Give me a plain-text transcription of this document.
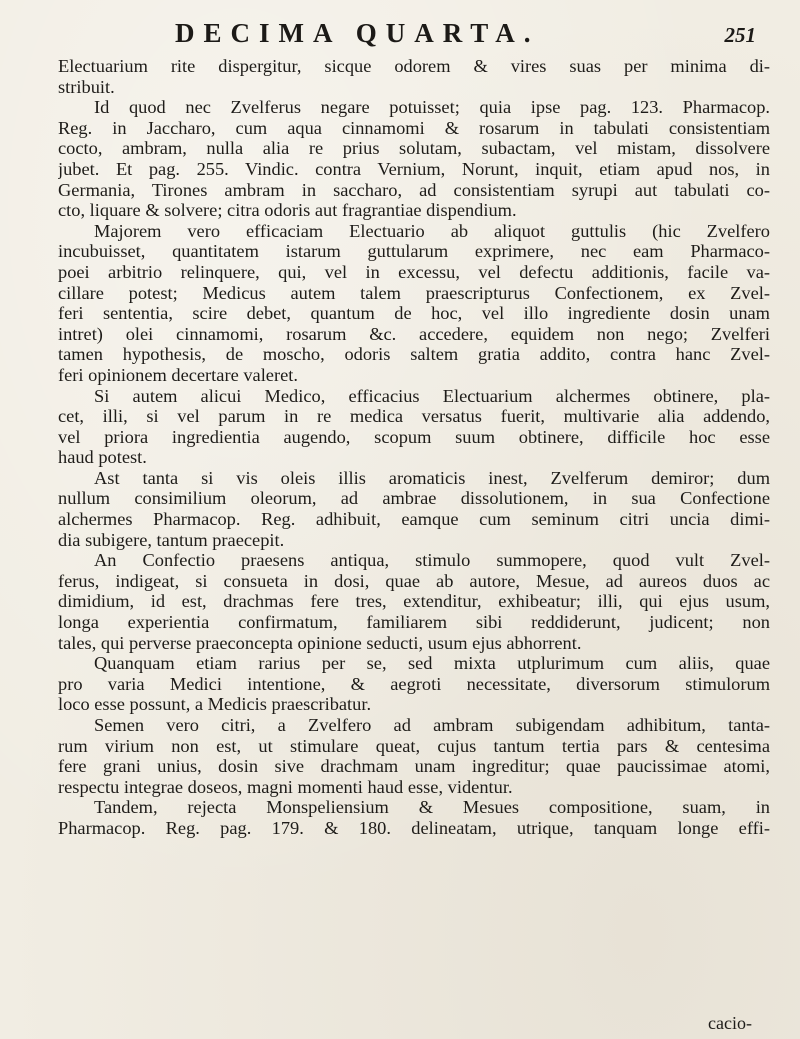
DECIMA QUARTA.	251
Electuarium rite dispergitur, sicque odorem & vires suas per minima di-
stribuit.
Id quod nec Zvelferus negare potuisset; quia ipse pag. 123. Pharmacop.
Reg. in Jaccharo, cum aqua cinnamomi & rosarum in tabulati consistentiam
cocto, ambram, nulla alia re prius solutam, subactam, vel mistam, dissolvere
jubet. Et pag. 255. Vindic. contra Vernium, Norunt, inquit, etiam apud nos, in
Germania, Tirones ambram in saccharo, ad consistentiam syrupi aut tabulati co-
cto, liquare & solvere; citra odoris aut fragrantiae dispendium.
Majorem vero efficaciam Electuario ab aliquot guttulis (hic Zvelfero
incubuisset, quantitatem istarum guttularum exprimere, nec eam Pharmaco-
poei arbitrio relinquere, qui, vel in excessu, vel defectu additionis, facile va-
cillare potest; Medicus autem talem praescripturus Confectionem, ex Zvel-
feri sententia, scire debet, quantum de hoc, vel illo ingrediente dosin unam
intret) olei cinnamomi, rosarum &c. accedere, equidem non nego; Zvelferi
tamen hypothesis, de moscho, odoris saltem gratia addito, contra hanc Zvel-
feri opinionem decertare valeret.
Si autem alicui Medico, efficacius Electuarium alchermes obtinere, pla-
cet, illi, si vel parum in re medica versatus fuerit, multivarie alia addendo,
vel priora ingredientia augendo, scopum suum obtinere, difficile hoc esse
haud potest.
Ast tanta si vis oleis illis aromaticis inest, Zvelferum demiror; dum
nullum consimilium oleorum, ad ambrae dissolutionem, in sua Confectione
alchermes Pharmacop. Reg. adhibuit, eamque cum seminum citri uncia dimi-
dia subigere, tantum praecepit.
An Confectio praesens antiqua, stimulo summopere, quod vult Zvel-
ferus, indigeat, si consueta in dosi, quae ab autore, Mesue, ad aureos duos ac
dimidium, id est, drachmas fere tres, extenditur, exhibeatur; illi, qui ejus usum,
longa experientia confirmatum, familiarem sibi reddiderunt, judicent; non
tales, qui perverse praeconcepta opinione seducti, usum ejus abhorrent.
Quanquam etiam rarius per se, sed mixta utplurimum cum aliis, quae
pro varia Medici intentione, & aegroti necessitate, diversorum stimulorum
loco esse possunt, a Medicis praescribatur.
Semen vero citri, a Zvelfero ad ambram subigendam adhibitum, tanta-
rum virium non est, ut stimulare queat, cujus tantum tertia pars & centesima
fere grani unius, dosin sive drachmam unam ingreditur; quae paucissimae atomi,
respectu integrae doseos, magni momenti haud esse, videntur.
Tandem, rejecta Monspeliensium & Mesues compositione, suam, in
Pharmacop. Reg. pag. 179. & 180. delineatam, utrique, tanquam longe effi-
cacio-
